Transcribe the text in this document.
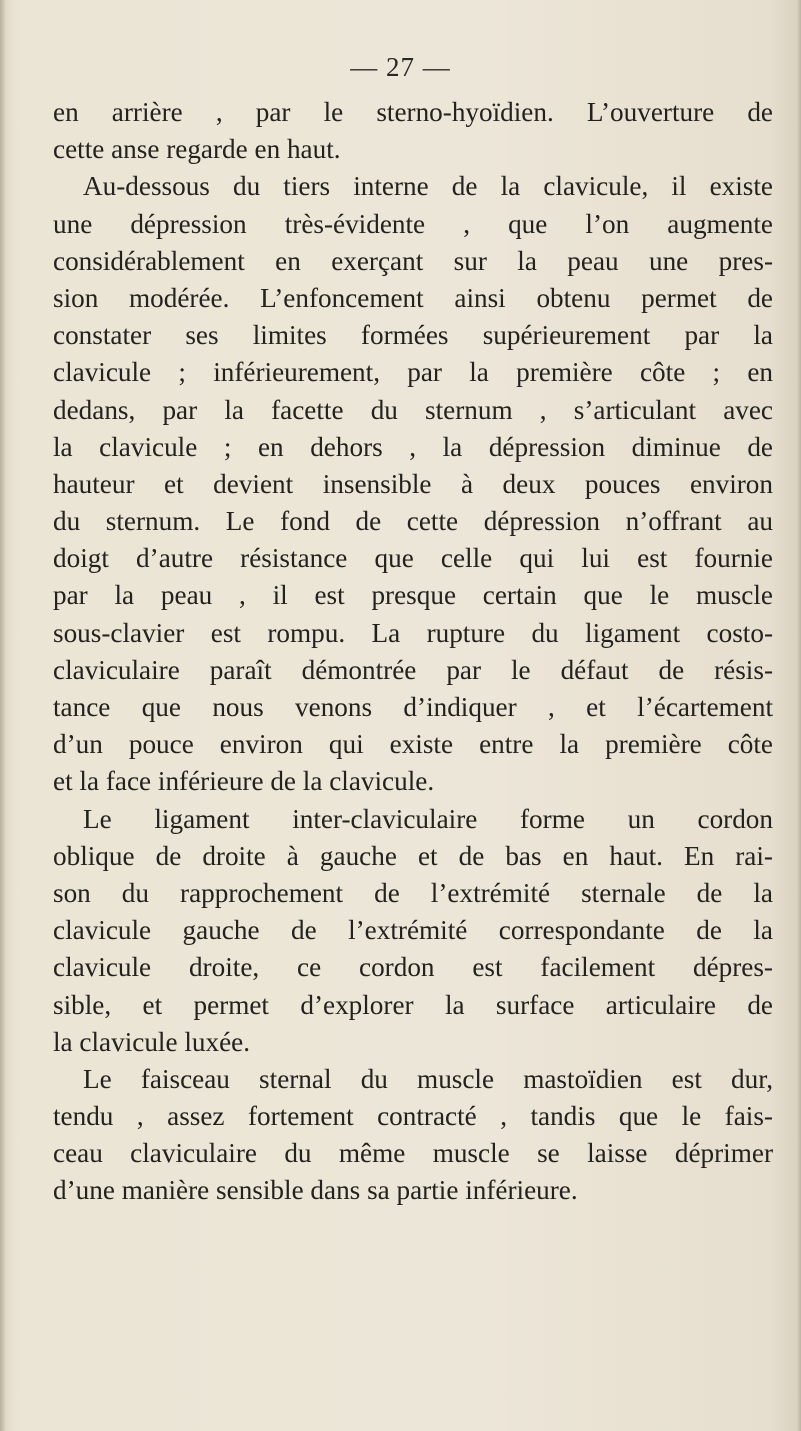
— 27 —
en arrière , par le sterno-hyoïdien. L’ouverture de
cette anse regarde en haut.
Au-dessous du tiers interne de la clavicule, il existe
une dépression très-évidente , que l’on augmente
considérablement en exerçant sur la peau une pres-
sion modérée. L’enfoncement ainsi obtenu permet de
constater ses limites formées supérieurement par la
clavicule ; inférieurement, par la première côte ; en
dedans, par la facette du sternum , s’articulant avec
la clavicule ; en dehors , la dépression diminue de
hauteur et devient insensible à deux pouces environ
du sternum. Le fond de cette dépression n’offrant au
doigt d’autre résistance que celle qui lui est fournie
par la peau , il est presque certain que le muscle
sous-clavier est rompu. La rupture du ligament costo-
claviculaire paraît démontrée par le défaut de résis-
tance que nous venons d’indiquer , et l’écartement
d’un pouce environ qui existe entre la première côte
et la face inférieure de la clavicule.
Le ligament inter-claviculaire forme un cordon
oblique de droite à gauche et de bas en haut. En rai-
son du rapprochement de l’extrémité sternale de la
clavicule gauche de l’extrémité correspondante de la
clavicule droite, ce cordon est facilement dépres-
sible, et permet d’explorer la surface articulaire de
la clavicule luxée.
Le faisceau sternal du muscle mastoïdien est dur,
tendu , assez fortement contracté , tandis que le fais-
ceau claviculaire du même muscle se laisse déprimer
d’une manière sensible dans sa partie inférieure.
